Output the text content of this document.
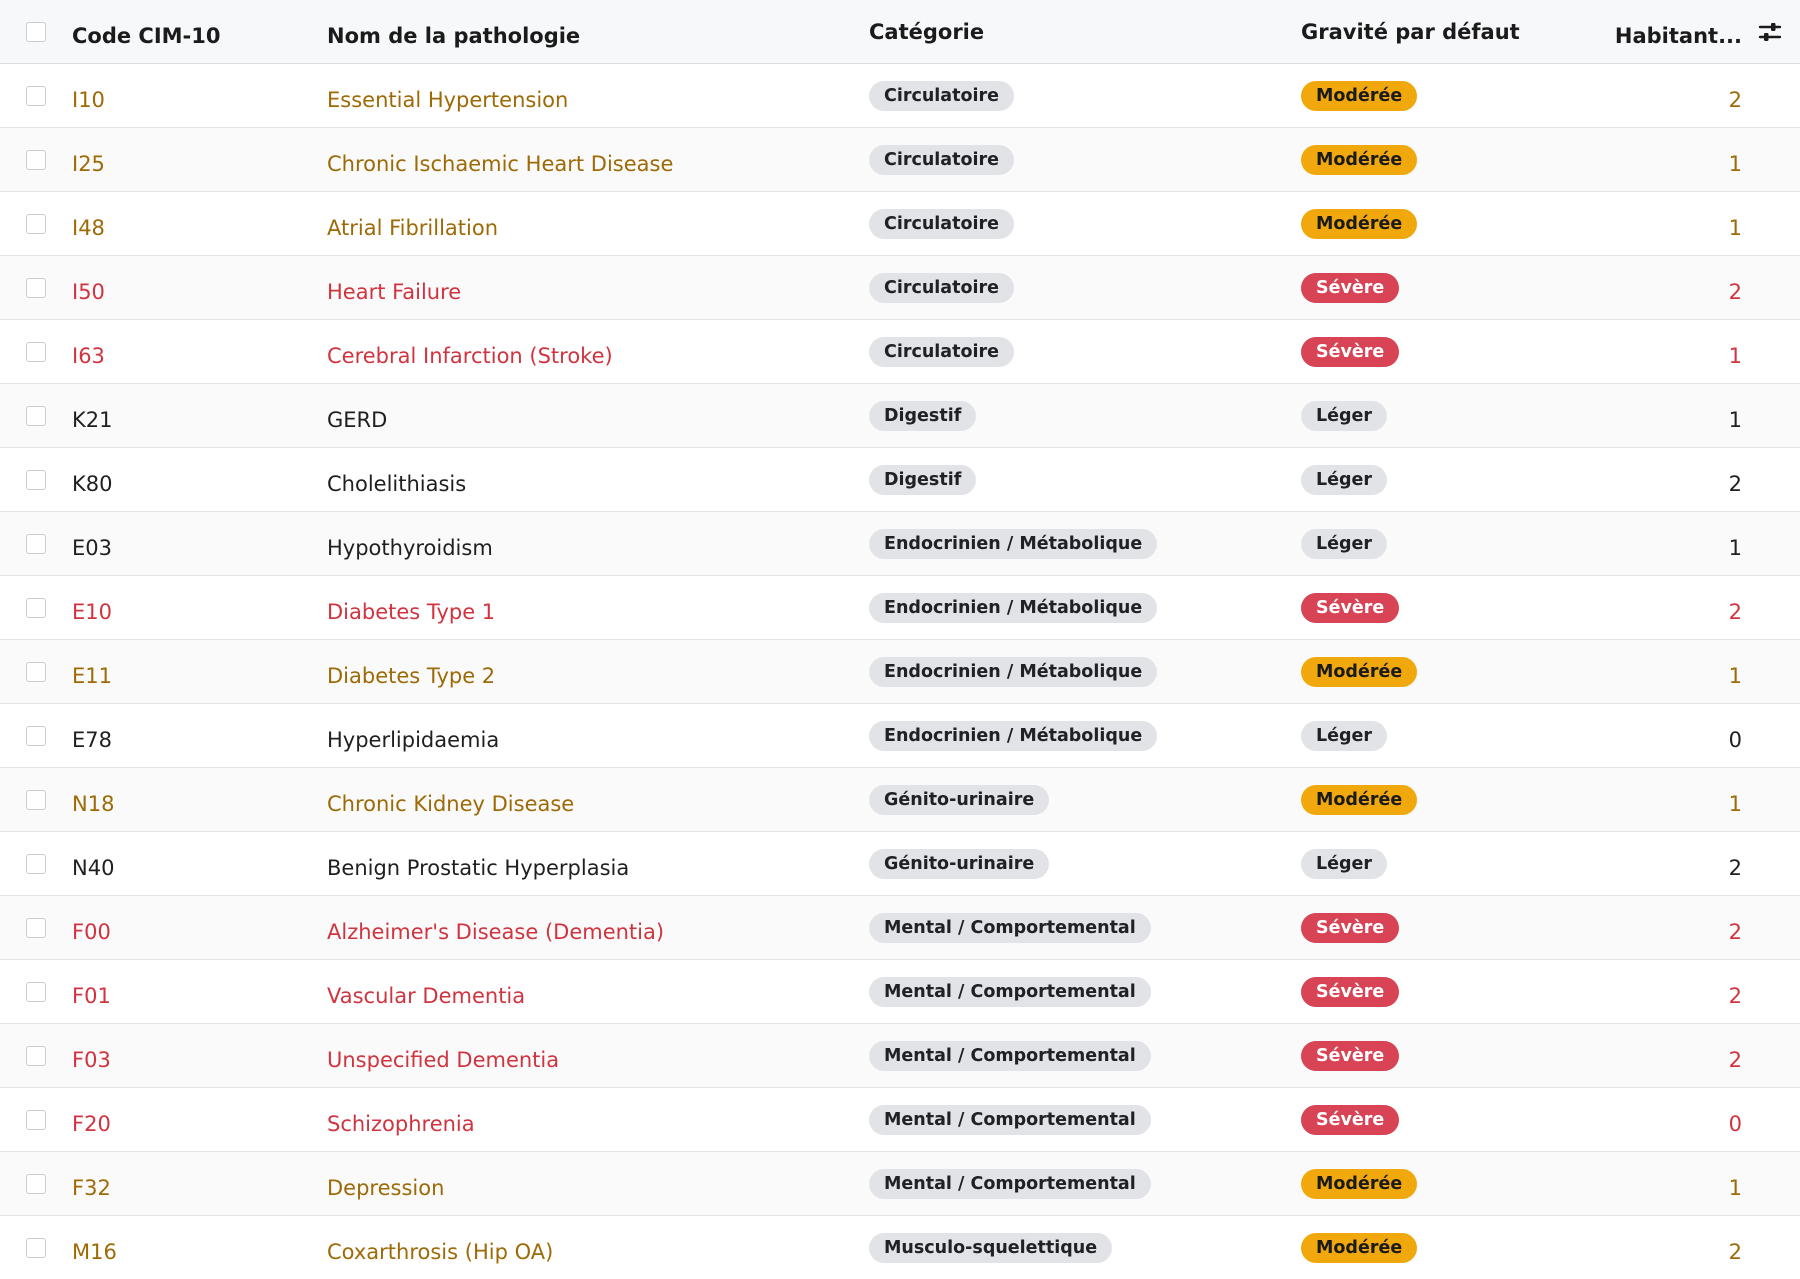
Code CIM-10	Nom de la pathologie	Catégorie	Gravité par défaut	Habitant...
I10	Essential Hypertension	Circulatoire	Modérée	2
I25	Chronic Ischaemic Heart Disease	Circulatoire	Modérée	1
I48	Atrial Fibrillation	Circulatoire	Modérée	1
I50	Heart Failure	Circulatoire	Sévère	2
I63	Cerebral Infarction (Stroke)	Circulatoire	Sévère	1
K21	GERD	Digestif	Léger	1
K80	Cholelithiasis	Digestif	Léger	2
E03	Hypothyroidism	Endocrinien / Métabolique	Léger	1
E10	Diabetes Type 1	Endocrinien / Métabolique	Sévère	2
E11	Diabetes Type 2	Endocrinien / Métabolique	Modérée	1
E78	Hyperlipidaemia	Endocrinien / Métabolique	Léger	0
N18	Chronic Kidney Disease	Génito-urinaire	Modérée	1
N40	Benign Prostatic Hyperplasia	Génito-urinaire	Léger	2
F00	Alzheimer's Disease (Dementia)	Mental / Comportemental	Sévère	2
F01	Vascular Dementia	Mental / Comportemental	Sévère	2
F03	Unspecified Dementia	Mental / Comportemental	Sévère	2
F20	Schizophrenia	Mental / Comportemental	Sévère	0
F32	Depression	Mental / Comportemental	Modérée	1
M16	Coxarthrosis (Hip OA)	Musculo-squelettique	Modérée	2
